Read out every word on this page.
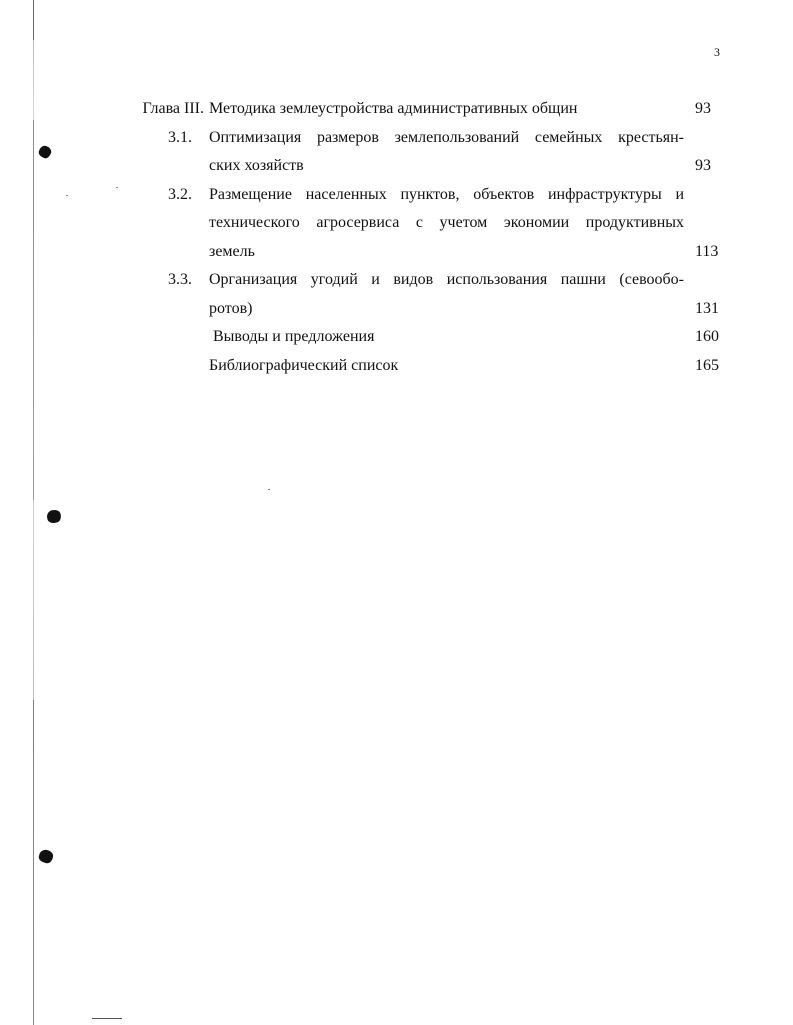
3
Глава III. Методика землеустройства административных общин	93
3.1. Оптимизация размеров землепользований семейных крестьян-
ских хозяйств	93
3.2. Размещение населенных пунктов, объектов инфраструктуры и
технического агросервиса с учетом экономии продуктивных
земель	113
3.3. Организация угодий и видов использования пашни (севообо-
ротов)	131
Выводы и предложения	160
Библиографический список	165
